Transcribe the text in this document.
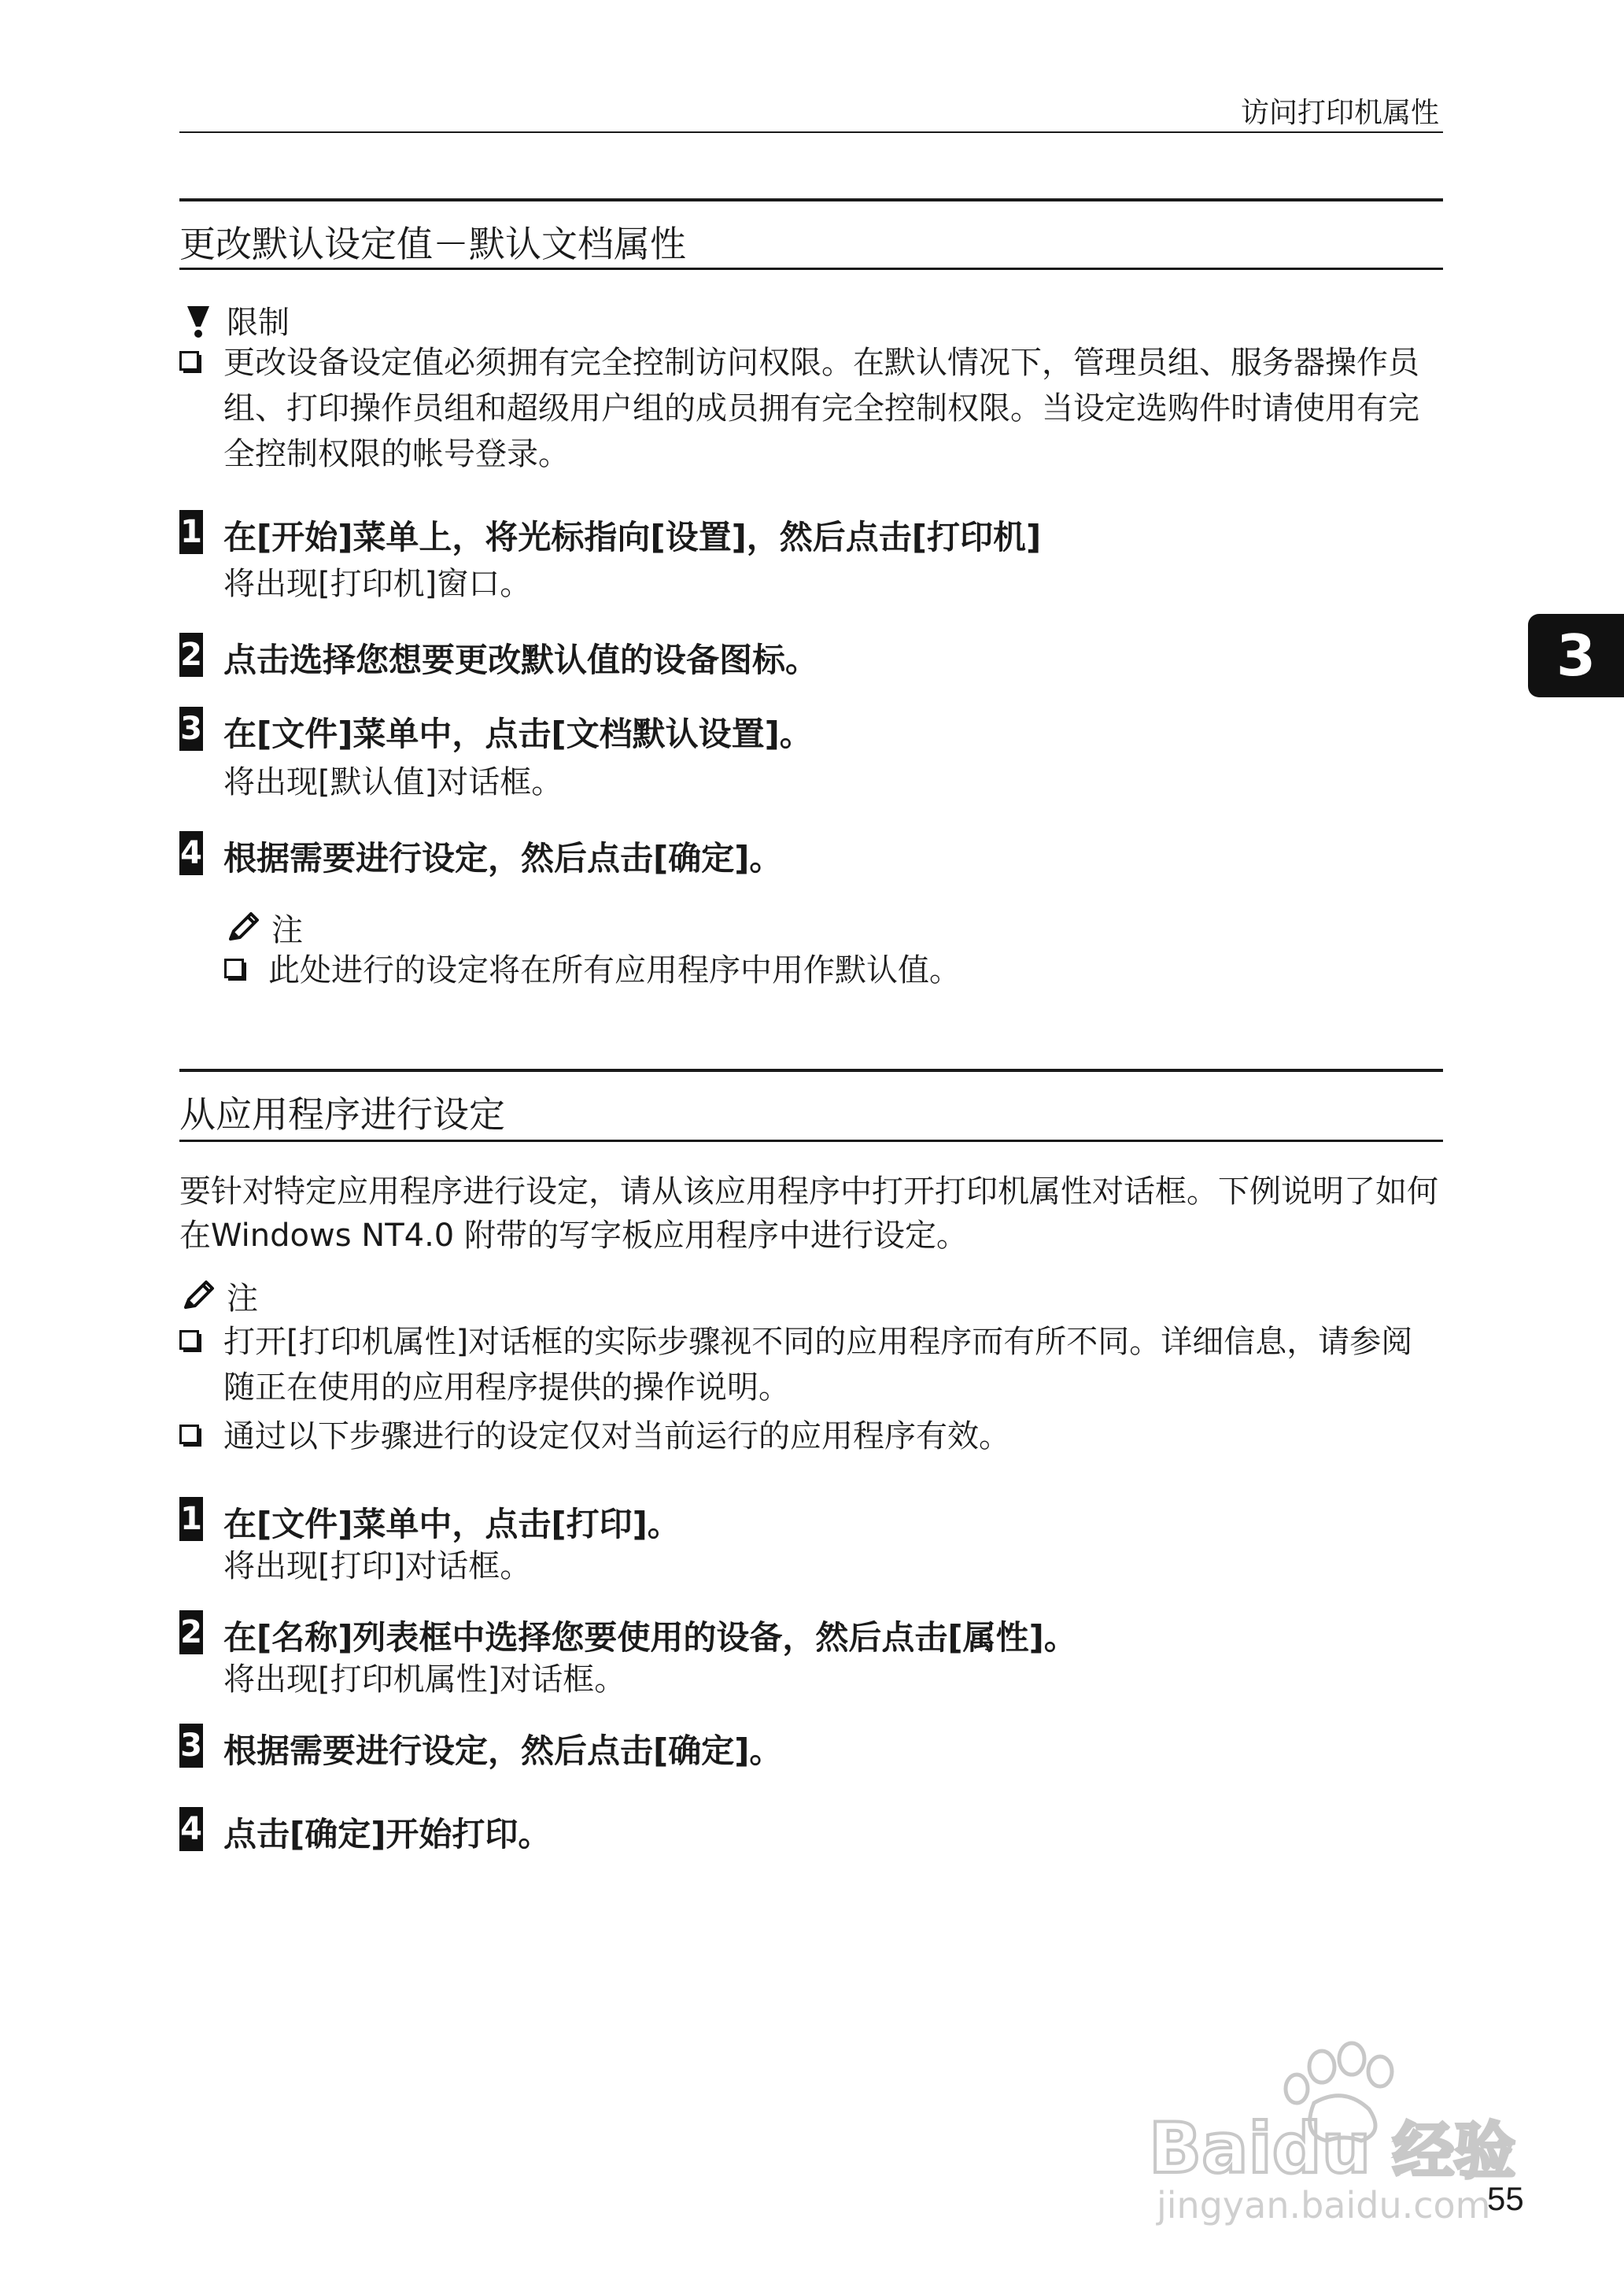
访问打印机属性
3
更改默认设定值－默认文档属性
限制
更改设备设定值必须拥有完全控制访问权限。在默认情况下，管理员组、服务器操作员组、打印操作员组和超级用户组的成员拥有完全控制权限。当设定选购件时请使用有完全控制权限的帐号登录。
1 在[开始]菜单上，将光标指向[设置]，然后点击[打印机]
将出现[打印机]窗口。
2 点击选择您想要更改默认值的设备图标。
3 在[文件]菜单中，点击[文档默认设置]。
将出现[默认值]对话框。
4 根据需要进行设定，然后点击[确定]。
注
此处进行的设定将在所有应用程序中用作默认值。
从应用程序进行设定
要针对特定应用程序进行设定，请从该应用程序中打开打印机属性对话框。下例说明了如何在Windows NT4.0 附带的写字板应用程序中进行设定。
注
打开[打印机属性]对话框的实际步骤视不同的应用程序而有所不同。详细信息，请参阅随正在使用的应用程序提供的操作说明。
通过以下步骤进行的设定仅对当前运行的应用程序有效。
1 在[文件]菜单中，点击[打印]。
将出现[打印]对话框。
2 在[名称]列表框中选择您要使用的设备，然后点击[属性]。
将出现[打印机属性]对话框。
3 根据需要进行设定，然后点击[确定]。
4 点击[确定]开始打印。
Baidu 经验
jingyan.baidu.com
55
